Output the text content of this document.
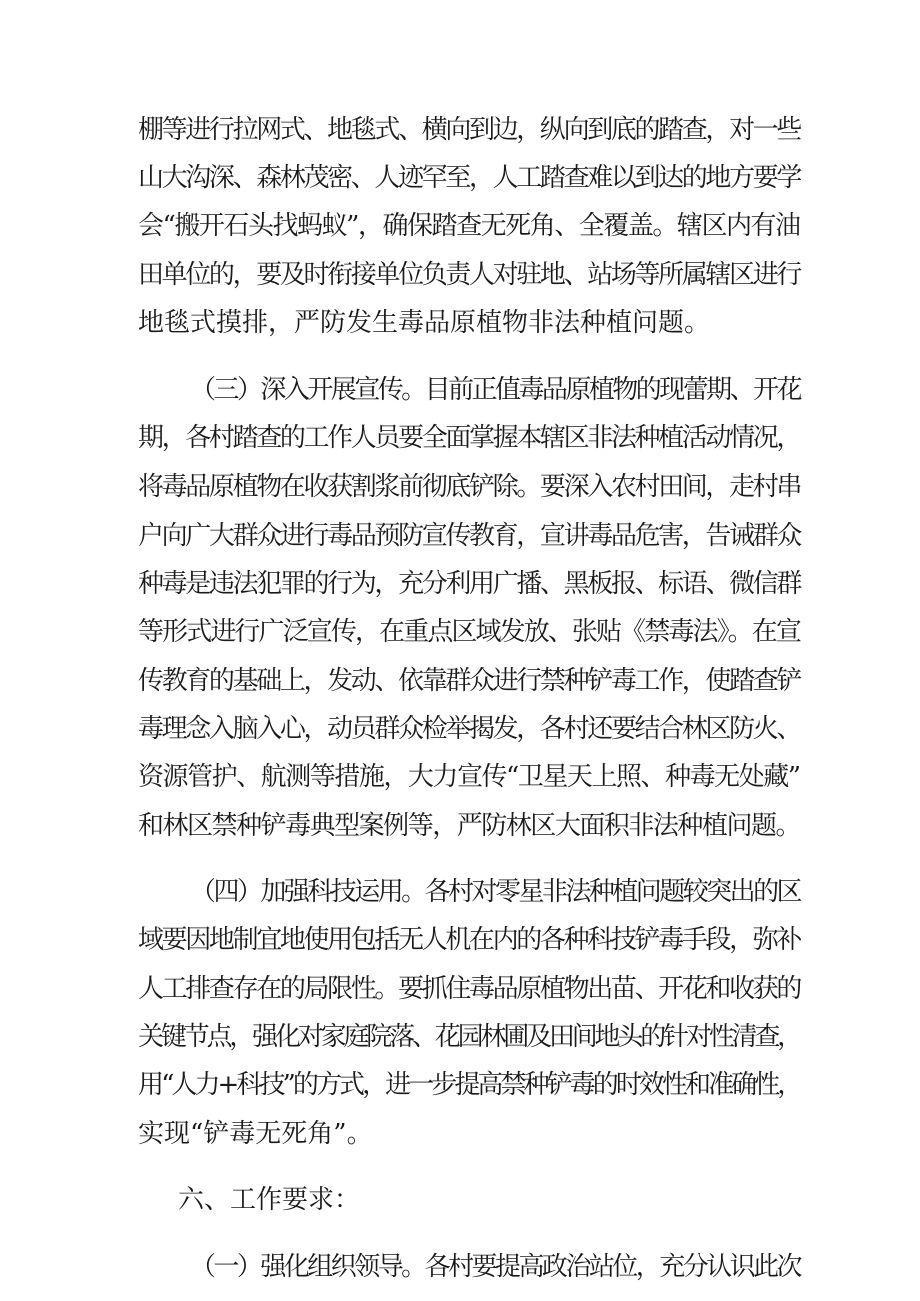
棚等进行拉网式、地毯式、横向到边，纵向到底的踏查，对一些
山大沟深、森林茂密、人迹罕至，人工踏查难以到达的地方要学
会“搬开石头找蚂蚁”，确保踏查无死角、全覆盖。辖区内有油
田单位的，要及时衔接单位负责人对驻地、站场等所属辖区进行
地毯式摸排，严防发生毒品原植物非法种植问题。
（三）深入开展宣传。目前正值毒品原植物的现蕾期、开花
期，各村踏查的工作人员要全面掌握本辖区非法种植活动情况，
将毒品原植物在收获割浆前彻底铲除。要深入农村田间，走村串
户向广大群众进行毒品预防宣传教育，宣讲毒品危害，告诫群众
种毒是违法犯罪的行为，充分利用广播、黑板报、标语、微信群
等形式进行广泛宣传，在重点区域发放、张贴《禁毒法》。在宣
传教育的基础上，发动、依靠群众进行禁种铲毒工作，使踏查铲
毒理念入脑入心，动员群众检举揭发，各村还要结合林区防火、
资源管护、航测等措施，大力宣传“卫星天上照、种毒无处藏”
和林区禁种铲毒典型案例等，严防林区大面积非法种植问题。
（四）加强科技运用。各村对零星非法种植问题较突出的区
域要因地制宜地使用包括无人机在内的各种科技铲毒手段，弥补
人工排查存在的局限性。要抓住毒品原植物出苗、开花和收获的
关键节点，强化对家庭院落、花园林圃及田间地头的针对性清查，
用“人力+科技”的方式，进一步提高禁种铲毒的时效性和准确性，
实现“铲毒无死角”。
六、工作要求：
（一）强化组织领导。各村要提高政治站位，充分认识此次
